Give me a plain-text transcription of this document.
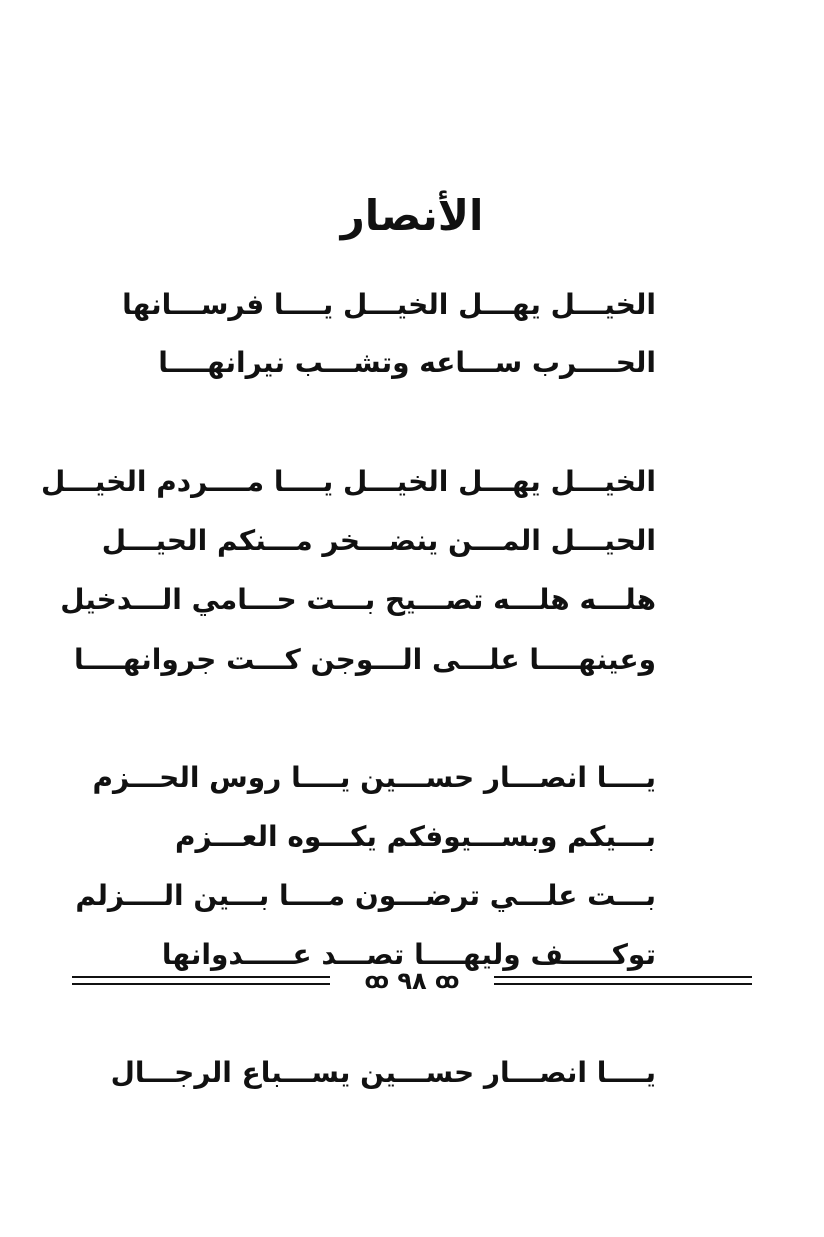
الأنصار
الخيـــل يهـــل الخيـــل يــــا فرســـانها
الحــــرب ســـاعه وتشـــب نيرانهــــا
الخيـــل يهـــل الخيـــل يــــا مــــردم الخيـــل
الحيـــل المـــن ينضـــخر مـــنكم الحيـــل
هلـــه هلـــه تصـــيح بـــت حـــامي الـــدخيل
وعينهــــا علـــى الـــوجن كـــت جروانهــــا
يــــا انصـــار حســـين يــــا روس الحـــزم
بـــيكم وبســـيوفكم يكـــوه العـــزم
بـــت علـــي ترضـــون مــــا بـــين الــــزلم
توكـــــف وليهــــا تصـــد عـــــدوانها
يــــا انصـــار حســـين يســـباع الرجـــال
ꝏ ٩٨ ꝏ
